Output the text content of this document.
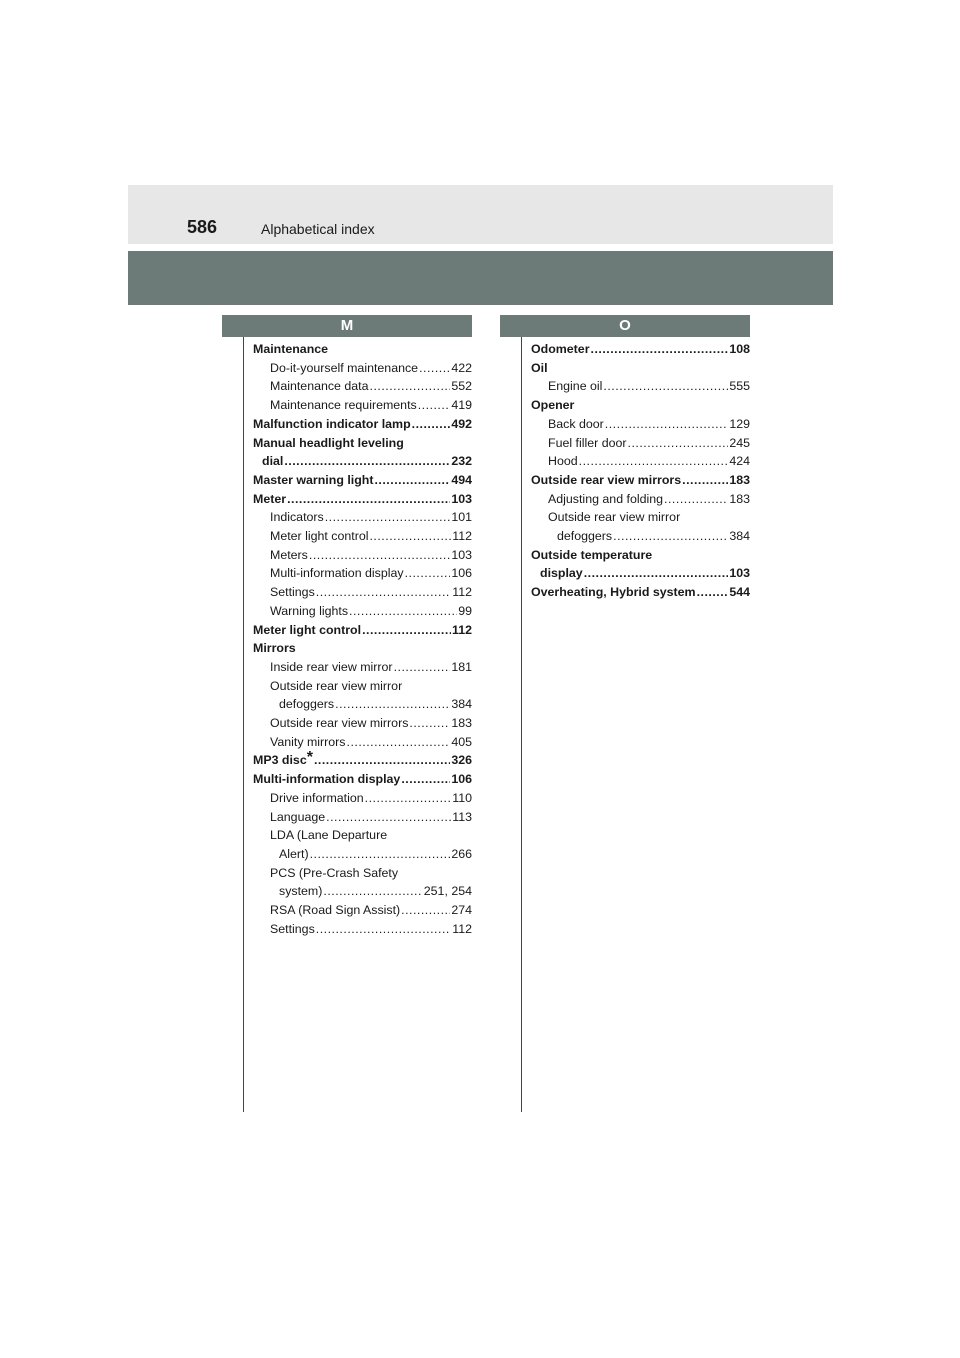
586	Alphabetical index
M	O
Maintenance
Do-it-yourself maintenance .....	422
Maintenance data .....	552
Maintenance requirements .....	419
Malfunction indicator lamp .....	492
Manual headlight leveling
dial .....	232
Master warning light .....	494
Meter .....	103
Indicators .....	101
Meter light control .....	112
Meters .....	103
Multi-information display .....	106
Settings .....	112
Warning lights .....	99
Meter light control .....	112
Mirrors
Inside rear view mirror .....	181
Outside rear view mirror
defoggers .....	384
Outside rear view mirrors .....	183
Vanity mirrors .....	405
MP3 disc * .....	326
Multi-information display .....	106
Drive information .....	110
Language .....	113
LDA (Lane Departure
Alert) .....	266
PCS (Pre-Crash Safety
system) .....	251, 254
RSA (Road Sign Assist) .....	274
Settings .....	112
Odometer .....	108
Oil
Engine oil .....	555
Opener
Back door .....	129
Fuel filler door .....	245
Hood .....	424
Outside rear view mirrors .....	183
Adjusting and folding .....	183
Outside rear view mirror
defoggers .....	384
Outside temperature
display .....	103
Overheating, Hybrid system .....	544
